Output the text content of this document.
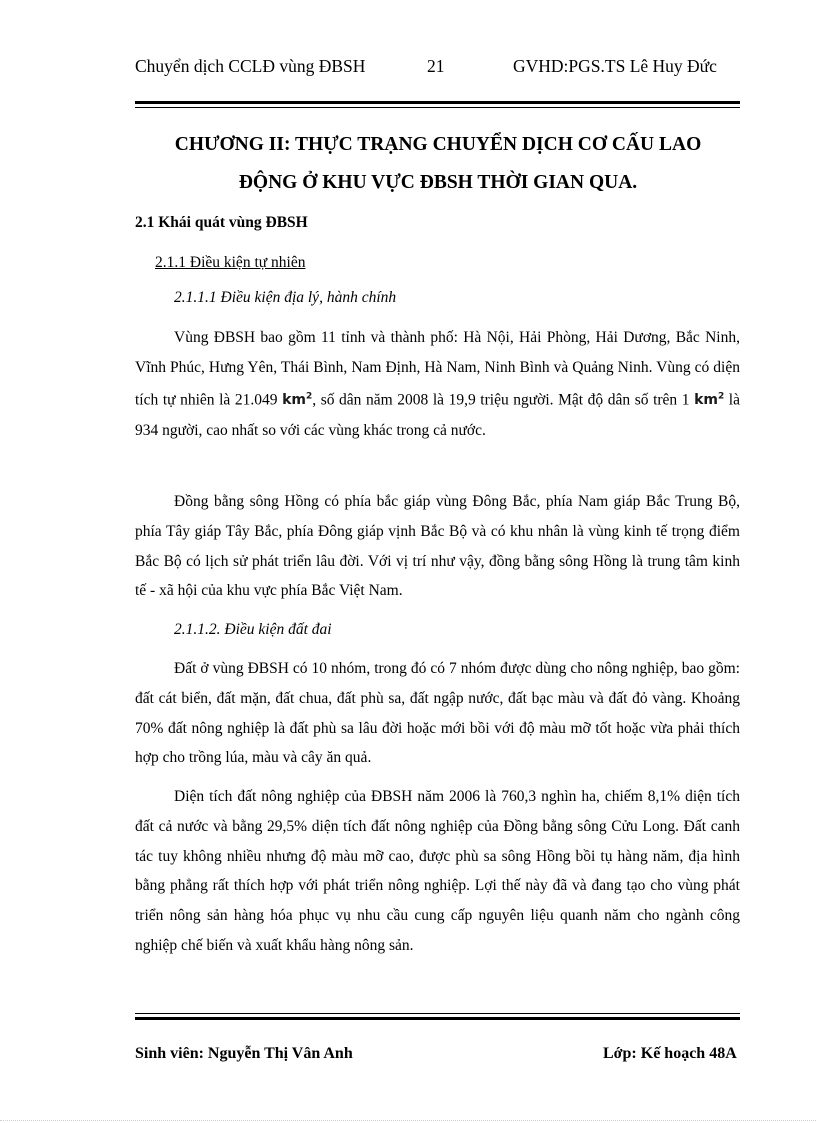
Chuyển dịch CCLĐ vùng ĐBSH	21	GVHD:PGS.TS Lê Huy Đức
CHƯƠNG II: THỰC TRẠNG CHUYỂN DỊCH CƠ CẤU LAO
ĐỘNG Ở KHU VỰC ĐBSH THỜI GIAN QUA.
2.1 Khái quát vùng ĐBSH
2.1.1 Điều kiện tự nhiên
2.1.1.1 Điều kiện địa lý, hành chính
Vùng ĐBSH bao gồm 11 tỉnh và thành phố: Hà Nội, Hải Phòng, Hải Dương, Bắc Ninh, Vĩnh Phúc, Hưng Yên, Thái Bình, Nam Định, Hà Nam, Ninh Bình và Quảng Ninh. Vùng có diện tích tự nhiên là 21.049 $km^2$, số dân năm 2008 là 19,9 triệu người. Mật độ dân số trên 1 $km^2$ là 934 người, cao nhất so với các vùng khác trong cả nước.
Đồng bằng sông Hồng có phía bắc giáp vùng Đông Bắc, phía Nam giáp Bắc Trung Bộ, phía Tây giáp Tây Bắc, phía Đông giáp vịnh Bắc Bộ và có khu nhân là vùng kinh tế trọng điểm Bắc Bộ có lịch sử phát triển lâu đời. Với vị trí như vậy, đồng bằng sông Hồng là trung tâm kinh tế - xã hội của khu vực phía Bắc Việt Nam.
2.1.1.2. Điều kiện đất đai
Đất ở vùng ĐBSH có 10 nhóm, trong đó có 7 nhóm được dùng cho nông nghiệp, bao gồm: đất cát biển, đất mặn, đất chua, đất phù sa, đất ngập nước, đất bạc màu và đất đỏ vàng. Khoảng 70% đất nông nghiệp là đất phù sa lâu đời hoặc mới bồi với độ màu mỡ tốt hoặc vừa phải thích hợp cho trồng lúa, màu và cây ăn quả.
Diện tích đất nông nghiệp của ĐBSH năm 2006 là 760,3 nghìn ha, chiếm 8,1% diện tích đất cả nước và bằng 29,5% diện tích đất nông nghiệp của Đồng bằng sông Cửu Long. Đất canh tác tuy không nhiều nhưng độ màu mỡ cao, được phù sa sông Hồng bồi tụ hàng năm, địa hình bằng phẳng rất thích hợp với phát triển nông nghiệp. Lợi thế này đã và đang tạo cho vùng phát triển nông sản hàng hóa phục vụ nhu cầu cung cấp nguyên liệu quanh năm cho ngành công nghiệp chế biến và xuất khẩu hàng nông sản.
Sinh viên: Nguyễn Thị Vân Anh	Lớp: Kế hoạch 48A
